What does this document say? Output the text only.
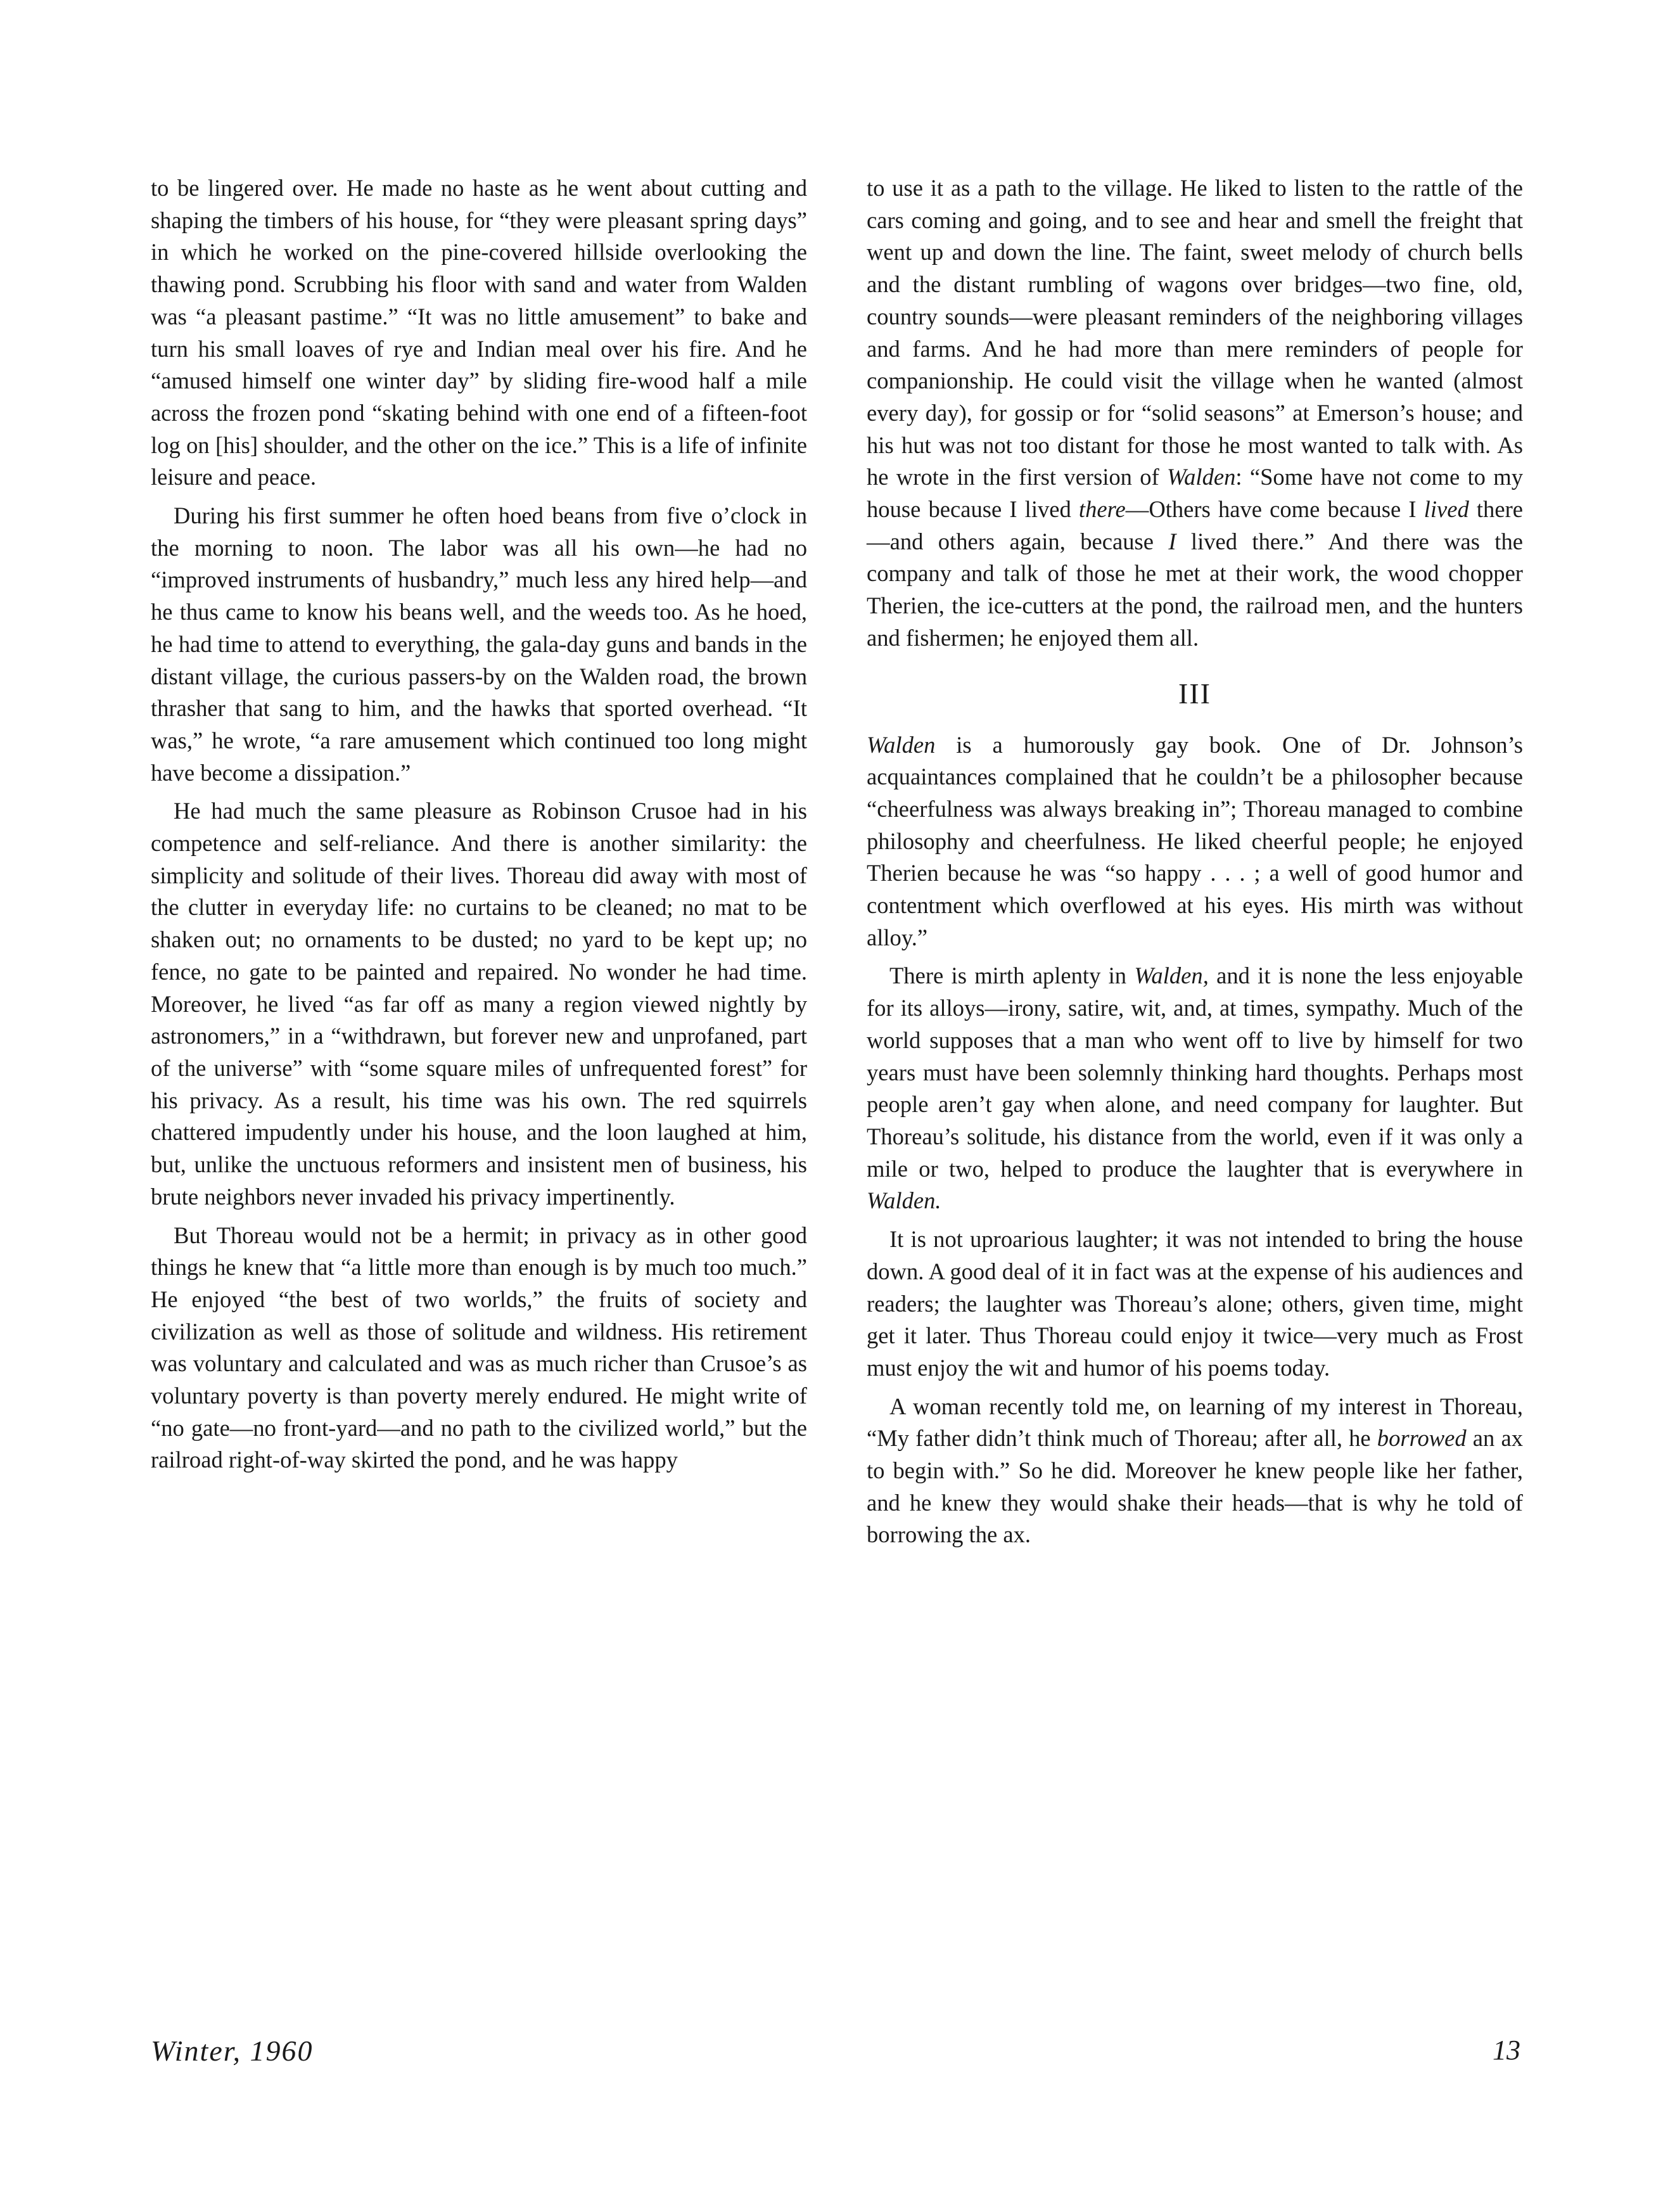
to be lingered over. He made no haste as he went about cutting and shaping the timbers of his house, for “they were pleasant spring days” in which he worked on the pine-covered hillside overlooking the thawing pond. Scrubbing his floor with sand and water from Walden was “a pleasant pastime.” “It was no little amusement” to bake and turn his small loaves of rye and Indian meal over his fire. And he “amused himself one winter day” by sliding fire-wood half a mile across the frozen pond “skating behind with one end of a fifteen-foot log on [his] shoulder, and the other on the ice.” This is a life of infinite leisure and peace.

During his first summer he often hoed beans from five o’clock in the morning to noon. The labor was all his own—he had no “improved instruments of husbandry,” much less any hired help—and he thus came to know his beans well, and the weeds too. As he hoed, he had time to attend to everything, the gala-day guns and bands in the distant village, the curious passers-by on the Walden road, the brown thrasher that sang to him, and the hawks that sported overhead. “It was,” he wrote, “a rare amusement which continued too long might have become a dissipation.”

He had much the same pleasure as Robinson Crusoe had in his competence and self-reliance. And there is another similarity: the simplicity and solitude of their lives. Thoreau did away with most of the clutter in everyday life: no curtains to be cleaned; no mat to be shaken out; no ornaments to be dusted; no yard to be kept up; no fence, no gate to be painted and repaired. No wonder he had time. Moreover, he lived “as far off as many a region viewed nightly by astronomers,” in a “withdrawn, but forever new and unprofaned, part of the universe” with “some square miles of unfrequented forest” for his privacy. As a result, his time was his own. The red squirrels chattered impudently under his house, and the loon laughed at him, but, unlike the unctuous reformers and insistent men of business, his brute neighbors never invaded his privacy impertinently.

But Thoreau would not be a hermit; in privacy as in other good things he knew that “a little more than enough is by much too much.” He enjoyed “the best of two worlds,” the fruits of society and civilization as well as those of solitude and wildness. His retirement was voluntary and calculated and was as much richer than Crusoe’s as voluntary poverty is than poverty merely endured. He might write of “no gate—no front-yard—and no path to the civilized world,” but the railroad right-of-way skirted the pond, and he was happy

to use it as a path to the village. He liked to listen to the rattle of the cars coming and going, and to see and hear and smell the freight that went up and down the line. The faint, sweet melody of church bells and the distant rumbling of wagons over bridges—two fine, old, country sounds—were pleasant reminders of the neighboring villages and farms. And he had more than mere reminders of people for companionship. He could visit the village when he wanted (almost every day), for gossip or for “solid seasons” at Emerson’s house; and his hut was not too distant for those he most wanted to talk with. As he wrote in the first version of Walden: “Some have not come to my house because I lived there—Others have come because I lived there—and others again, because I lived there.” And there was the company and talk of those he met at their work, the wood chopper Therien, the ice-cutters at the pond, the railroad men, and the hunters and fishermen; he enjoyed them all.

III

Walden is a humorously gay book. One of Dr. Johnson’s acquaintances complained that he couldn’t be a philosopher because “cheerfulness was always breaking in”; Thoreau managed to combine philosophy and cheerfulness. He liked cheerful people; he enjoyed Therien because he was “so happy . . . ; a well of good humor and contentment which overflowed at his eyes. His mirth was without alloy.”

There is mirth aplenty in Walden, and it is none the less enjoyable for its alloys—irony, satire, wit, and, at times, sympathy. Much of the world supposes that a man who went off to live by himself for two years must have been solemnly thinking hard thoughts. Perhaps most people aren’t gay when alone, and need company for laughter. But Thoreau’s solitude, his distance from the world, even if it was only a mile or two, helped to produce the laughter that is everywhere in Walden.

It is not uproarious laughter; it was not intended to bring the house down. A good deal of it in fact was at the expense of his audiences and readers; the laughter was Thoreau’s alone; others, given time, might get it later. Thus Thoreau could enjoy it twice—very much as Frost must enjoy the wit and humor of his poems today.

A woman recently told me, on learning of my interest in Thoreau, “My father didn’t think much of Thoreau; after all, he borrowed an ax to begin with.” So he did. Moreover he knew people like her father, and he knew they would shake their heads—that is why he told of borrowing the ax.

Winter, 1960	13
